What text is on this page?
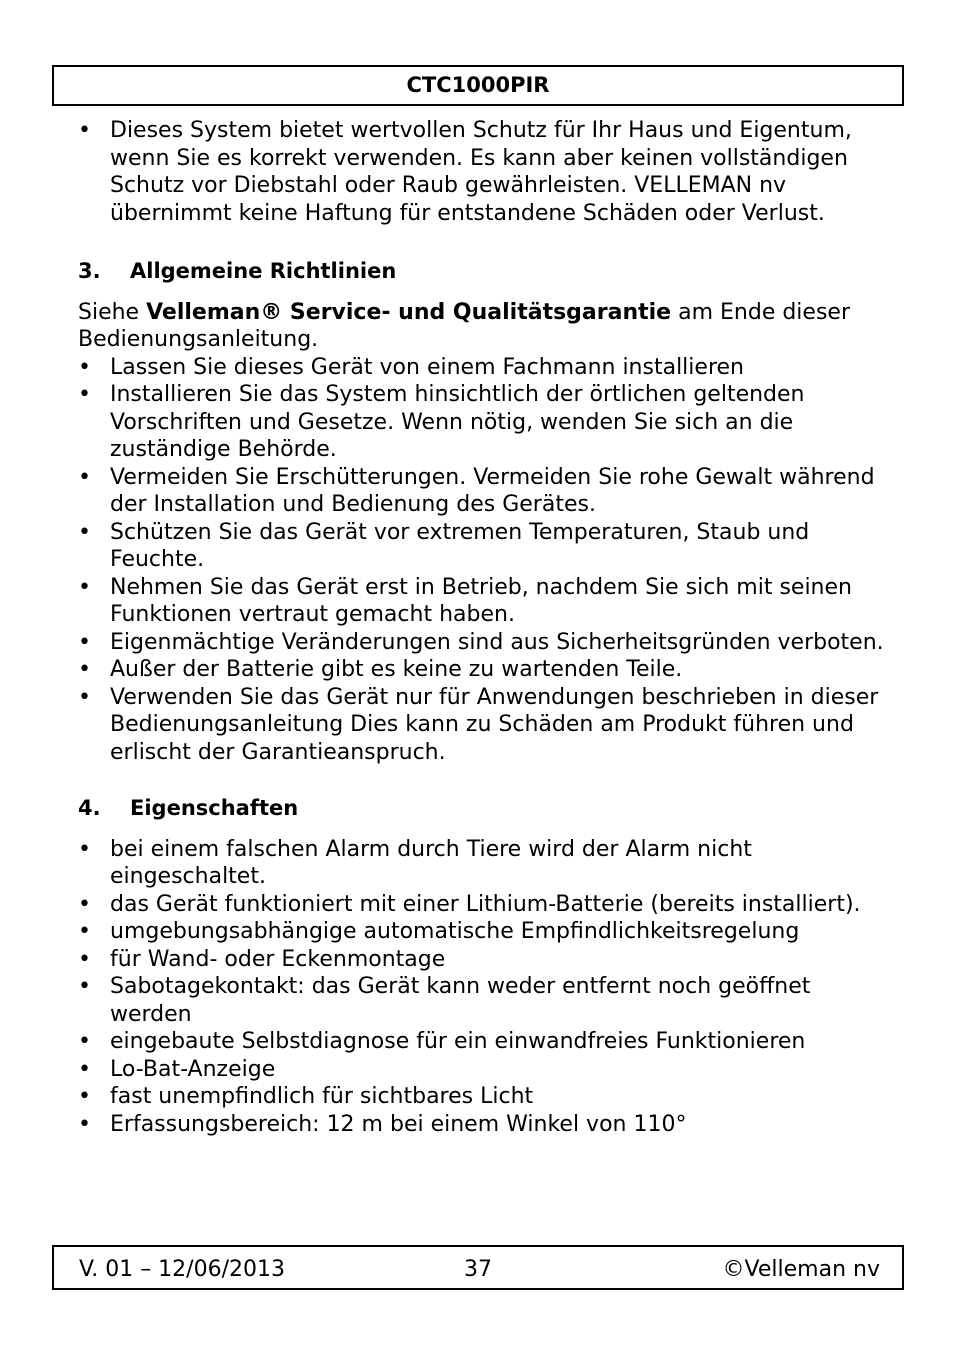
CTC1000PIR
• Dieses System bietet wertvollen Schutz für Ihr Haus und Eigentum, wenn Sie es korrekt verwenden. Es kann aber keinen vollständigen Schutz vor Diebstahl oder Raub gewährleisten. VELLEMAN nv übernimmt keine Haftung für entstandene Schäden oder Verlust.
3.	Allgemeine Richtlinien

Siehe Velleman® Service- und Qualitätsgarantie am Ende dieser Bedienungsanleitung.

• Lassen Sie dieses Gerät von einem Fachmann installieren
• Installieren Sie das System hinsichtlich der örtlichen geltenden Vorschriften und Gesetze. Wenn nötig, wenden Sie sich an die zuständige Behörde.
• Vermeiden Sie Erschütterungen. Vermeiden Sie rohe Gewalt während der Installation und Bedienung des Gerätes.
• Schützen Sie das Gerät vor extremen Temperaturen, Staub und Feuchte.
• Nehmen Sie das Gerät erst in Betrieb, nachdem Sie sich mit seinen Funktionen vertraut gemacht haben.
• Eigenmächtige Veränderungen sind aus Sicherheitsgründen verboten.
• Außer der Batterie gibt es keine zu wartenden Teile.
• Verwenden Sie das Gerät nur für Anwendungen beschrieben in dieser Bedienungsanleitung Dies kann zu Schäden am Produkt führen und erlischt der Garantieanspruch.
4.	Eigenschaften
• bei einem falschen Alarm durch Tiere wird der Alarm nicht eingeschaltet.
• das Gerät funktioniert mit einer Lithium-Batterie (bereits installiert).
• umgebungsabhängige automatische Empfindlichkeitsregelung
• für Wand- oder Eckenmontage
• Sabotagekontakt: das Gerät kann weder entfernt noch geöffnet werden
• eingebaute Selbstdiagnose für ein einwandfreies Funktionieren
• Lo-Bat-Anzeige
• fast unempfindlich für sichtbares Licht
• Erfassungsbereich: 12 m bei einem Winkel von 110°
V. 01 – 12/06/2013	37	©Velleman nv
